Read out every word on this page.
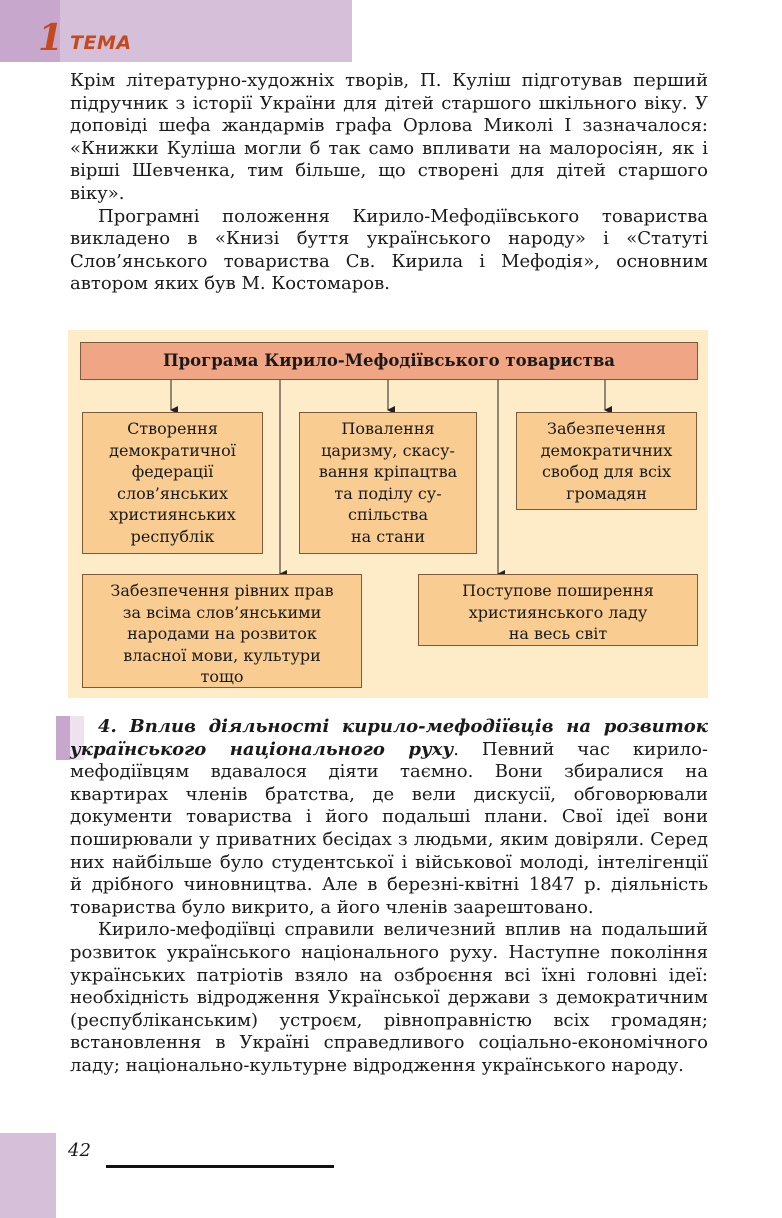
1 ТЕМА

Крім літературно-художніх творів, П. Куліш підготував перший підручник з історії України для дітей старшого шкільного віку. У доповіді шефа жандармів графа Орлова Миколі I зазначалося: «Книжки Куліша могли б так само впливати на малоросіян, як і вірші Шевченка, тим більше, що створені для дітей старшого віку».

Програмні положення Кирило-Мефодіївського товариства викладено в «Книзі буття українського народу» і «Статуті Слов’янського товариства Св. Кирила і Мефодія», основним автором яких був М. Костомаров.

Програма Кирило-Мефодіївського товариства
Створення
демократичної
федерації
слов’янських
християнських
республік
Повалення
царизму, скасу-
вання кріпацтва
та поділу су-
спільства
на стани
Забезпечення
демократичних
свобод для всіх
громадян
Забезпечення рівних прав
за всіма слов’янськими
народами на розвиток
власної мови, культури
тощо
Поступове поширення
християнського ладу
на весь світ

4. Вплив діяльності кирило-мефодіївців на розвиток українського національного руху. Певний час кирило-мефодіївцям вдавалося діяти таємно. Вони збиралися на квартирах членів братства, де вели дискусії, обговорювали документи товариства і його подальші плани. Свої ідеї вони поширювали у приватних бесідах з людьми, яким довіряли. Серед них найбільше було студентської і військової молоді, інтелігенції й дрібного чиновництва. Але в березні-квітні 1847 р. діяльність товариства було викрито, а його членів заарештовано.

Кирило-мефодіївці справили величезний вплив на подальший розвиток українського національного руху. Наступне покоління українських патріотів взяло на озброєння всі їхні головні ідеї: необхідність відродження Української держави з демократичним (республіканським) устроєм, рівноправністю всіх громадян; встановлення в Україні справедливого соціально-економічного ладу; національно-культурне відродження українського народу.

42
